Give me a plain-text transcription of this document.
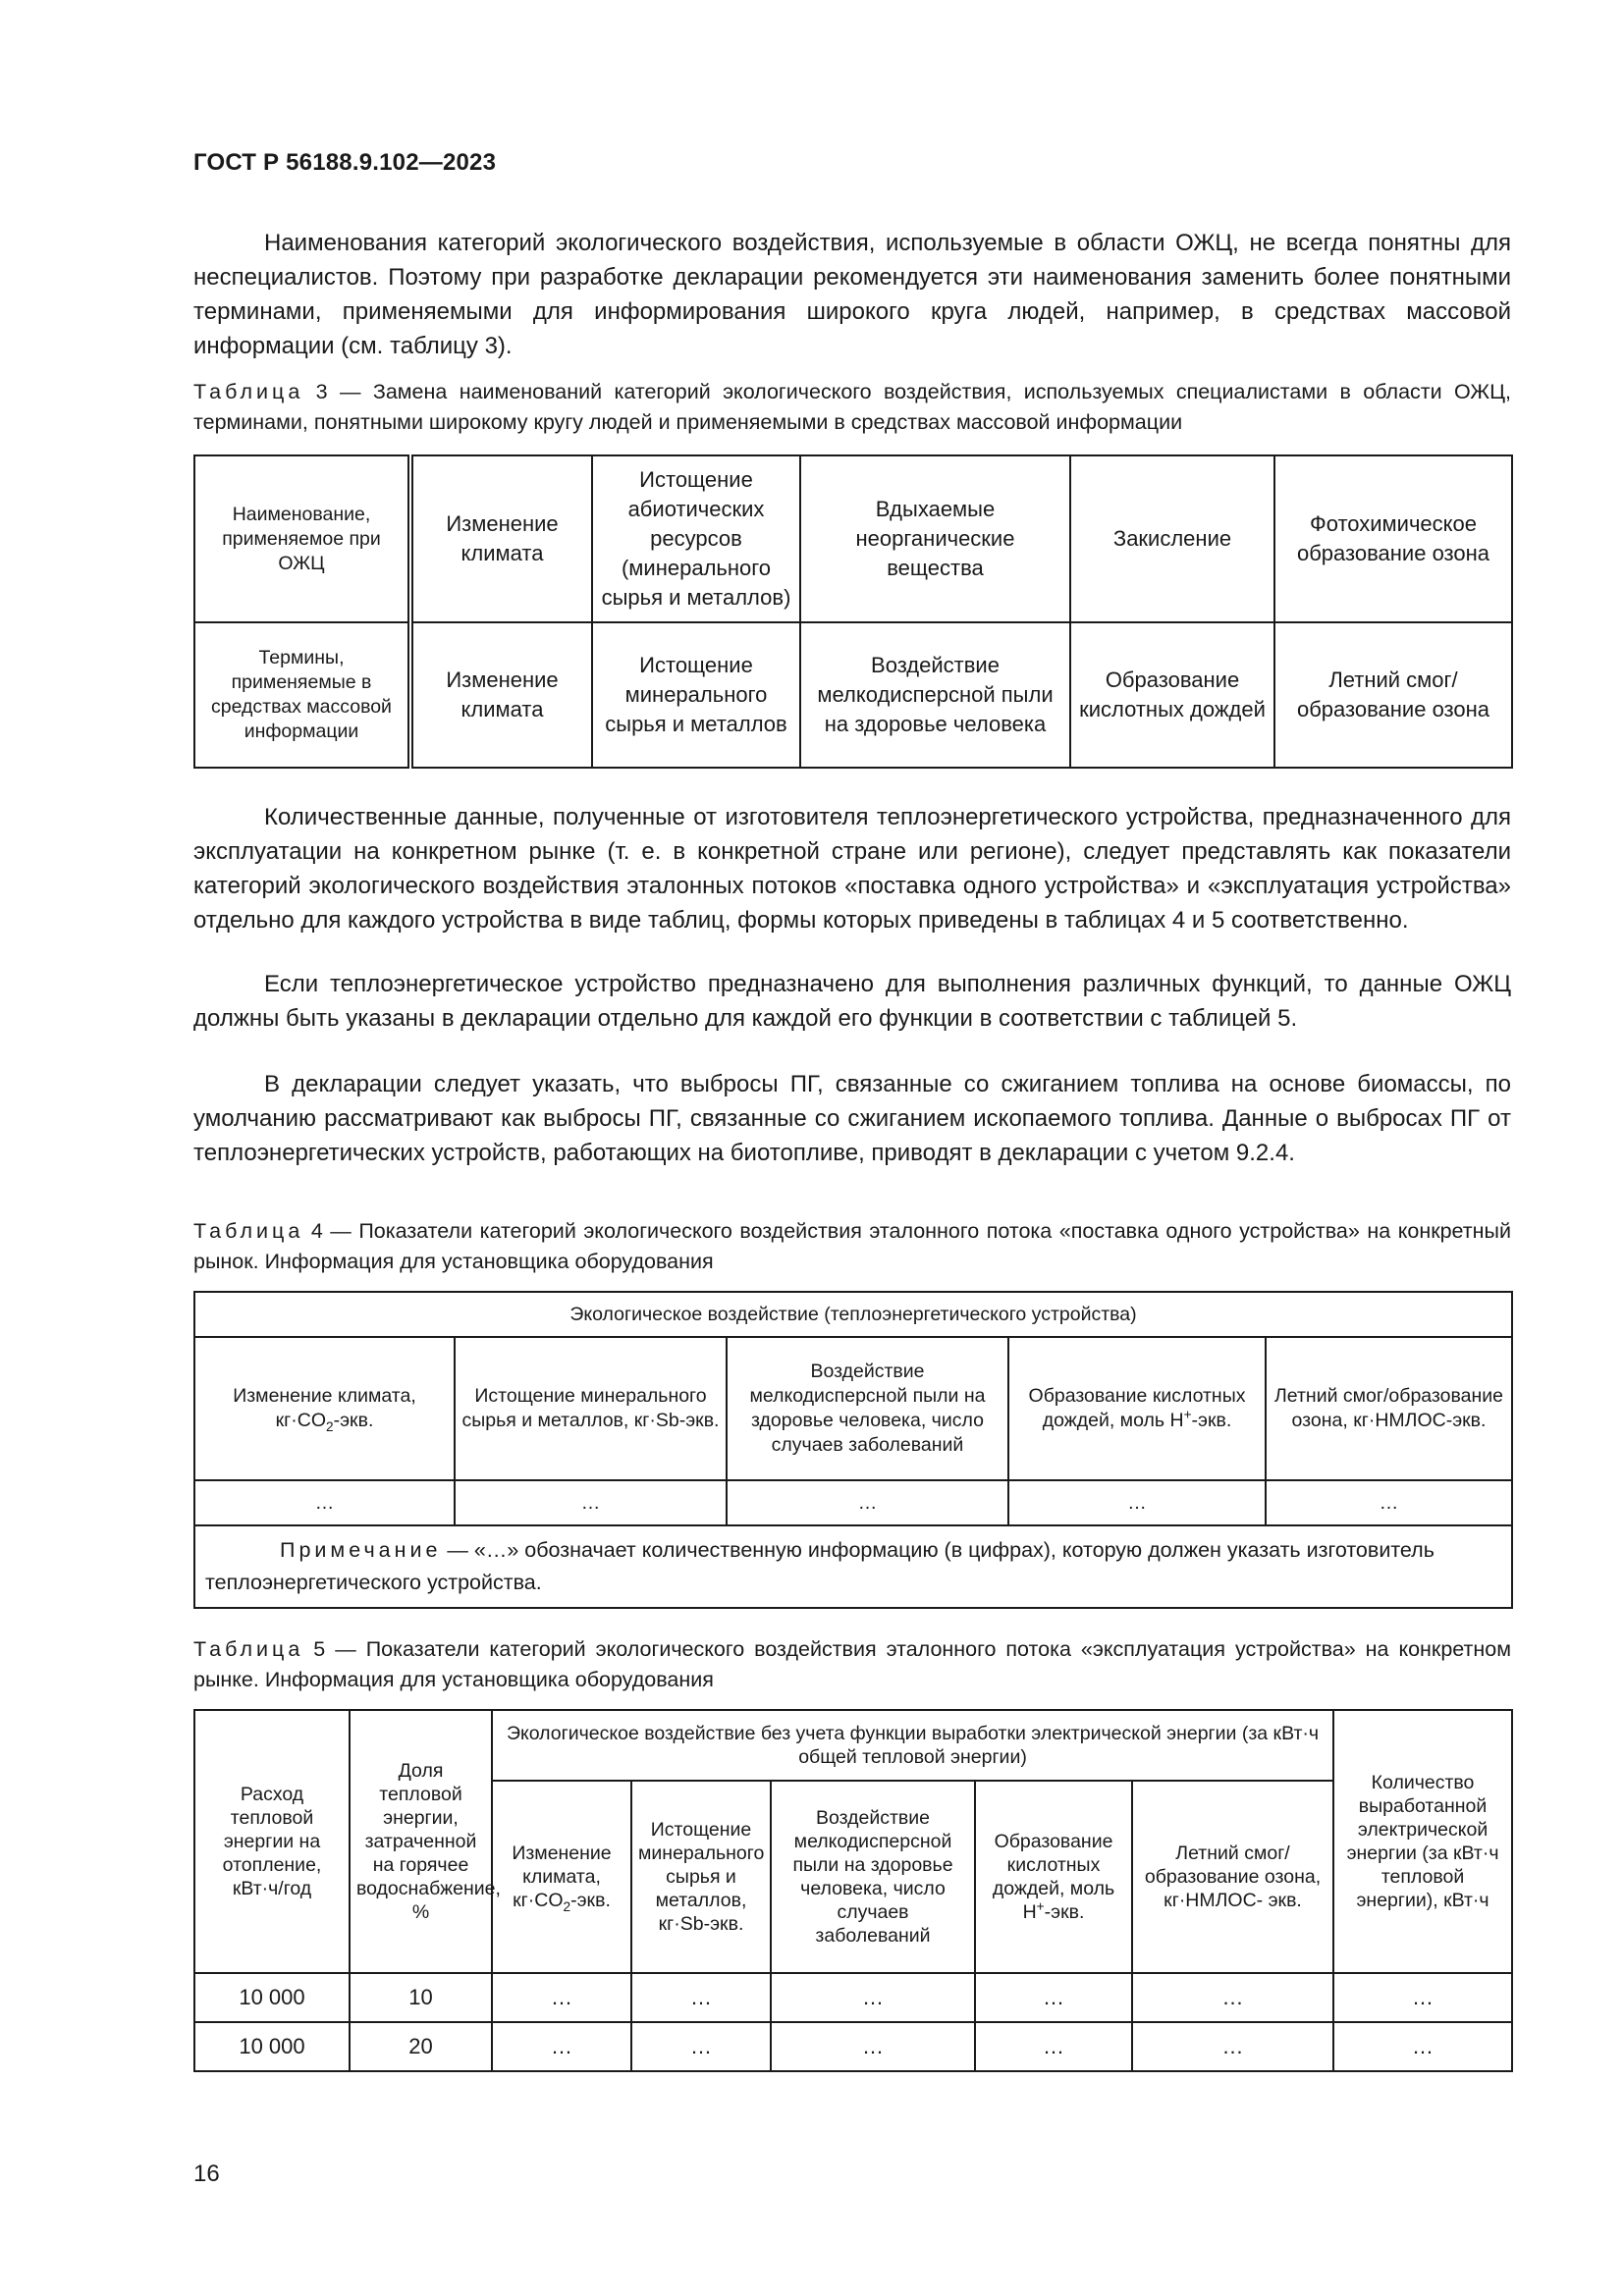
ГОСТ Р 56188.9.102—2023
Наименования категорий экологического воздействия, используемые в области ОЖЦ, не всегда понятны для неспециалистов. Поэтому при разработке декларации рекомендуется эти наименования заменить более понятными терминами, применяемыми для информирования широкого круга людей, например, в средствах массовой информации (см. таблицу 3).
Таблица 3 — Замена наименований категорий экологического воздействия, используемых специалистами в области ОЖЦ, терминами, понятными широкому кругу людей и применяемыми в средствах массовой информации
Наименование, применяемое при ОЖЦ	Изменение климата	Истощение абиотических ресурсов (минерального сырья и металлов)	Вдыхаемые неорганические вещества	Закисление	Фотохимическое образование озона
Термины, применяемые в средствах массовой информации	Изменение климата	Истощение минерального сырья и металлов	Воздействие мелкодисперсной пыли на здоровье человека	Образование кислотных дождей	Летний смог/образование озона
Количественные данные, полученные от изготовителя теплоэнергетического устройства, предназначенного для эксплуатации на конкретном рынке (т. е. в конкретной стране или регионе), следует представлять как показатели категорий экологического воздействия эталонных потоков «поставка одного устройства» и «эксплуатация устройства» отдельно для каждого устройства в виде таблиц, формы которых приведены в таблицах 4 и 5 соответственно.
Если теплоэнергетическое устройство предназначено для выполнения различных функций, то данные ОЖЦ должны быть указаны в декларации отдельно для каждой его функции в соответствии с таблицей 5.
В декларации следует указать, что выбросы ПГ, связанные со сжиганием топлива на основе биомассы, по умолчанию рассматривают как выбросы ПГ, связанные со сжиганием ископаемого топлива. Данные о выбросах ПГ от теплоэнергетических устройств, работающих на биотопливе, приводят в декларации с учетом 9.2.4.
Таблица 4 — Показатели категорий экологического воздействия эталонного потока «поставка одного устройства» на конкретный рынок. Информация для установщика оборудования
Экологическое воздействие (теплоэнергетического устройства)				
Изменение климата, $кг\cdot CO_2$-экв.	Истощение минерального сырья и металлов, кг·Sb-экв.	Воздействие мелкодисперсной пыли на здоровье человека, число случаев заболеваний	Образование кислотных дождей, моль H+-экв.	Летний смог/образование озона, кг·НМЛОС-экв.
…	…	…	…	…
Примечание — «…» обозначает количественную информацию (в цифрах), которую должен указать изготовитель теплоэнергетического устройства.				
Таблица 5 — Показатели категорий экологического воздействия эталонного потока «эксплуатация устройства» на конкретном рынке. Информация для установщика оборудования
Расход тепловой энергии на отопление, кВт·ч/год	Доля тепловой энергии, затраченной на горячее водоснабжение, %	Экологическое воздействие без учета функции выработки электрической энергии (за кВт·ч общей тепловой энергии)					Количество выработанной электрической энергии (за кВт·ч тепловой энергии), кВт·ч
		Изменение климата, $кг\cdot CO_2$-экв.	Истощение минерального сырья и металлов, кг·Sb-экв.	Воздействие мелкодисперсной пыли на здоровье человека, число случаев заболеваний	Образование кислотных дождей, моль H+-экв.	Летний смог/образование озона, кг·НМЛОС- экв.	
10 000	10	…	…	…	…	…	…
10 000	20	…	…	…	…	…	…
16
